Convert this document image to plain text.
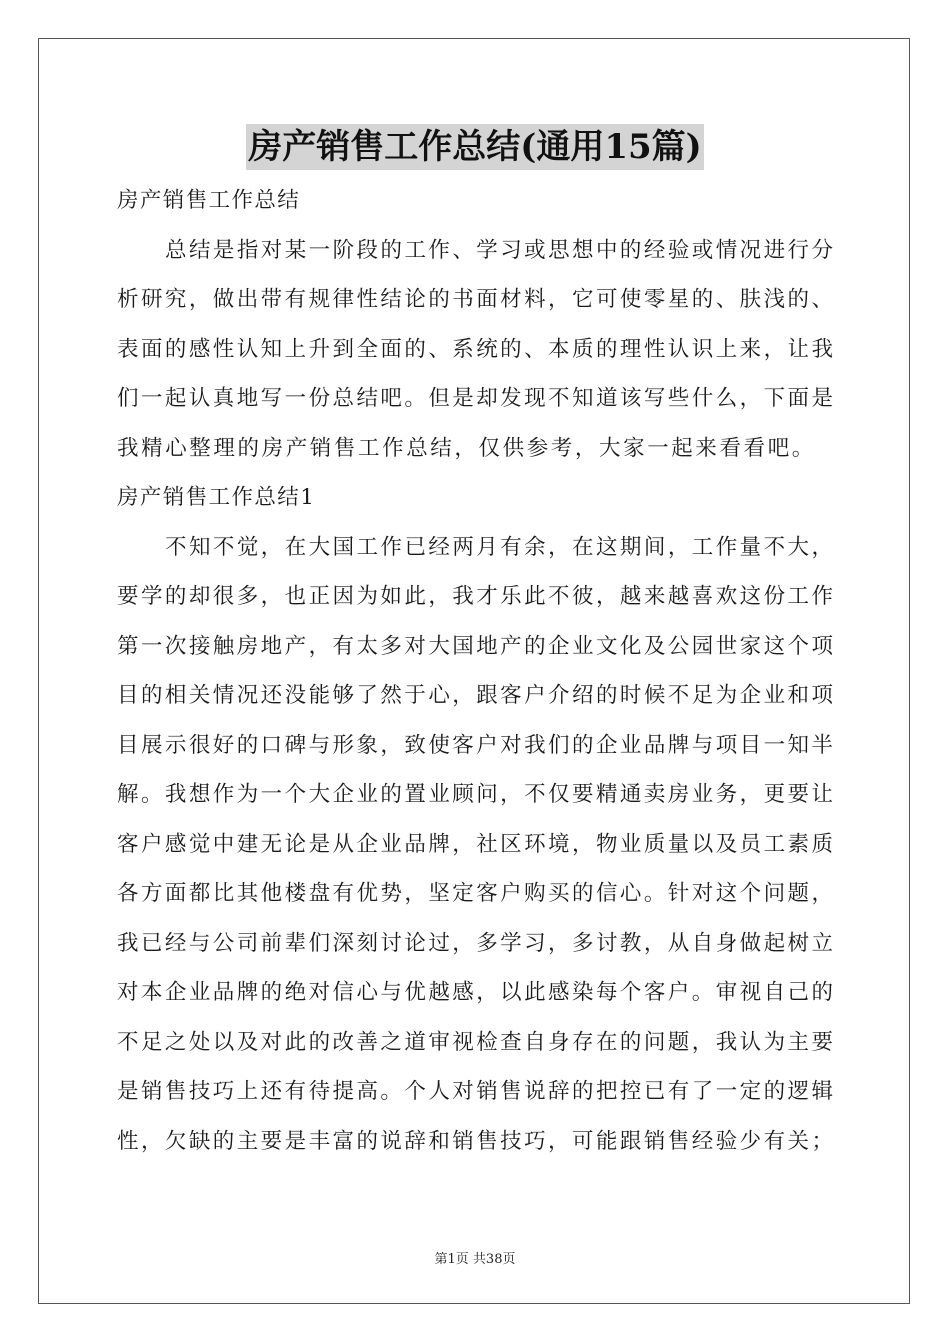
房产销售工作总结(通用15篇)
房产销售工作总结
总结是指对某一阶段的工作、学习或思想中的经验或情况进行分
析研究，做出带有规律性结论的书面材料，它可使零星的、肤浅的、
表面的感性认知上升到全面的、系统的、本质的理性认识上来，让我
们一起认真地写一份总结吧。但是却发现不知道该写些什么，下面是
我精心整理的房产销售工作总结，仅供参考，大家一起来看看吧。
房产销售工作总结1
不知不觉，在大国工作已经两月有余，在这期间，工作量不大，
要学的却很多，也正因为如此，我才乐此不彼，越来越喜欢这份工作
第一次接触房地产，有太多对大国地产的企业文化及公园世家这个项
目的相关情况还没能够了然于心，跟客户介绍的时候不足为企业和项
目展示很好的口碑与形象，致使客户对我们的企业品牌与项目一知半
解。我想作为一个大企业的置业顾问，不仅要精通卖房业务，更要让
客户感觉中建无论是从企业品牌，社区环境，物业质量以及员工素质
各方面都比其他楼盘有优势，坚定客户购买的信心。针对这个问题，
我已经与公司前辈们深刻讨论过，多学习，多讨教，从自身做起树立
对本企业品牌的绝对信心与优越感，以此感染每个客户。审视自己的
不足之处以及对此的改善之道审视检查自身存在的问题，我认为主要
是销售技巧上还有待提高。个人对销售说辞的把控已有了一定的逻辑
性，欠缺的主要是丰富的说辞和销售技巧，可能跟销售经验少有关；
第1页 共38页
